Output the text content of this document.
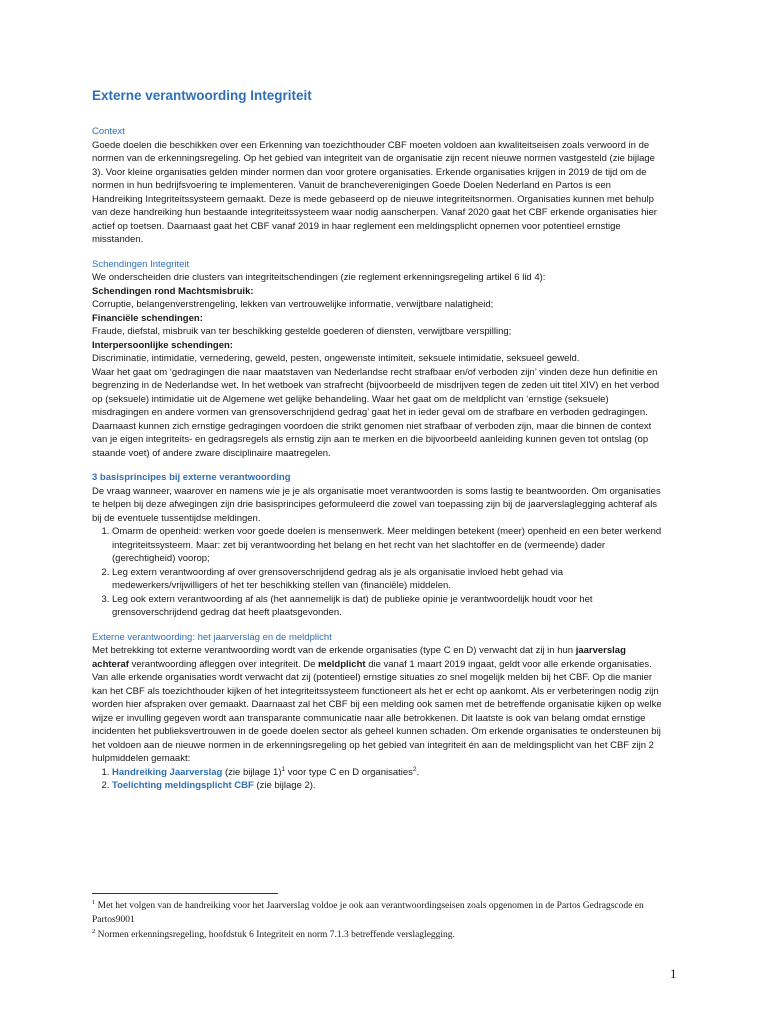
Externe verantwoording Integriteit
Context

Goede doelen die beschikken over een Erkenning van toezichthouder CBF moeten voldoen aan kwaliteitseisen zoals verwoord in de normen van de erkenningsregeling. Op het gebied van integriteit van de organisatie zijn recent nieuwe normen vastgesteld (zie bijlage 3). Voor kleine organisaties gelden minder normen dan voor grotere organisaties. Erkende organisaties krijgen in 2019 de tijd om de normen in hun bedrijfsvoering te implementeren. Vanuit de brancheverenigingen Goede Doelen Nederland en Partos is een Handreiking Integriteitssysteem gemaakt. Deze is mede gebaseerd op de nieuwe integriteitsnormen. Organisaties kunnen met behulp van deze handreiking hun bestaande integriteitssysteem waar nodig aanscherpen. Vanaf 2020 gaat het CBF erkende organisaties hier actief op toetsen. Daarnaast gaat het CBF vanaf 2019 in haar reglement een meldingsplicht opnemen voor potentieel ernstige misstanden.

Schendingen Integriteit

We onderscheiden drie clusters van integriteitschendingen (zie reglement erkenningsregeling artikel 6 lid 4):

Schendingen rond Machtsmisbruik:

Corruptie, belangenverstrengeling, lekken van vertrouwelijke informatie, verwijtbare nalatigheid;

Financiële schendingen:

Fraude, diefstal, misbruik van ter beschikking gestelde goederen of diensten, verwijtbare verspilling;

Interpersoonlijke schendingen:

Discriminatie, intimidatie, vernedering, geweld, pesten, ongewenste intimiteit, seksuele intimidatie, seksueel geweld.

Waar het gaat om ‘gedragingen die naar maatstaven van Nederlandse recht strafbaar en/of verboden zijn’ vinden deze hun definitie en begrenzing in de Nederlandse wet. In het wetboek van strafrecht (bijvoorbeeld de misdrijven tegen de zeden uit titel XIV) en het verbod op (seksuele) intimidatie uit de Algemene wet gelijke behandeling. Waar het gaat om de meldplicht van ‘ernstige (seksuele) misdragingen en andere vormen van grensoverschrijdend gedrag’ gaat het in ieder geval om de strafbare en verboden gedragingen. Daarnaast kunnen zich ernstige gedragingen voordoen die strikt genomen niet strafbaar of verboden zijn, maar die binnen de context van je eigen integriteits- en gedragsregels als ernstig zijn aan te merken en die bijvoorbeeld aanleiding kunnen geven tot ontslag (op staande voet) of andere zware disciplinaire maatregelen.

3 basisprincipes bij externe verantwoording

De vraag wanneer, waarover en namens wie je je als organisatie moet verantwoorden is soms lastig te beantwoorden. Om organisaties te helpen bij deze afwegingen zijn drie basisprincipes geformuleerd die zowel van toepassing zijn bij de jaarverslaglegging achteraf als bij de eventuele tussentijdse meldingen.

1. Omarm de openheid: werken voor goede doelen is mensenwerk. Meer meldingen betekent (meer) openheid en een beter werkend integriteitssysteem. Maar: zet bij verantwoording het belang en het recht van het slachtoffer en de (vermeende) dader (gerechtigheid) voorop;
2. Leg extern verantwoording af over grensoverschrijdend gedrag als je als organisatie invloed hebt gehad via medewerkers/vrijwilligers of het ter beschikking stellen van (financiële) middelen.
3. Leg ook extern verantwoording af als (het aannemelijk is dat) de publieke opinie je verantwoordelijk houdt voor het grensoverschrijdend gedrag dat heeft plaatsgevonden.
Externe verantwoording: het jaarverslag en de meldplicht

Met betrekking tot externe verantwoording wordt van de erkende organisaties (type C en D) verwacht dat zij in hun jaarverslag achteraf verantwoording afleggen over integriteit. De meldplicht die vanaf 1 maart 2019 ingaat, geldt voor alle erkende organisaties. Van alle erkende organisaties wordt verwacht dat zij (potentieel) ernstige situaties zo snel mogelijk melden bij het CBF. Op die manier kan het CBF als toezichthouder kijken of het integriteitssysteem functioneert als het er echt op aankomt. Als er verbeteringen nodig zijn worden hier afspraken over gemaakt. Daarnaast zal het CBF bij een melding ook samen met de betreffende organisatie kijken op welke wijze er invulling gegeven wordt aan transparante communicatie naar alle betrokkenen. Dit laatste is ook van belang omdat ernstige incidenten het publieksvertrouwen in de goede doelen sector als geheel kunnen schaden. Om erkende organisaties te ondersteunen bij het voldoen aan de nieuwe normen in de erkenningsregeling op het gebied van integriteit én aan de meldingsplicht van het CBF zijn 2 hulpmiddelen gemaakt:

1. Handreiking Jaarverslag (zie bijlage 1)$^1$ voor type C en D organisaties$^2$.
2. Toelichting meldingsplicht CBF (zie bijlage 2).

$^1$ Met het volgen van de handreiking voor het Jaarverslag voldoe je ook aan verantwoordingseisen zoals opgenomen in de Partos Gedragscode en Partos9001

$^2$ Normen erkenningsregeling, hoofdstuk 6 Integriteit en norm 7.1.3 betreffende verslaglegging.

1
